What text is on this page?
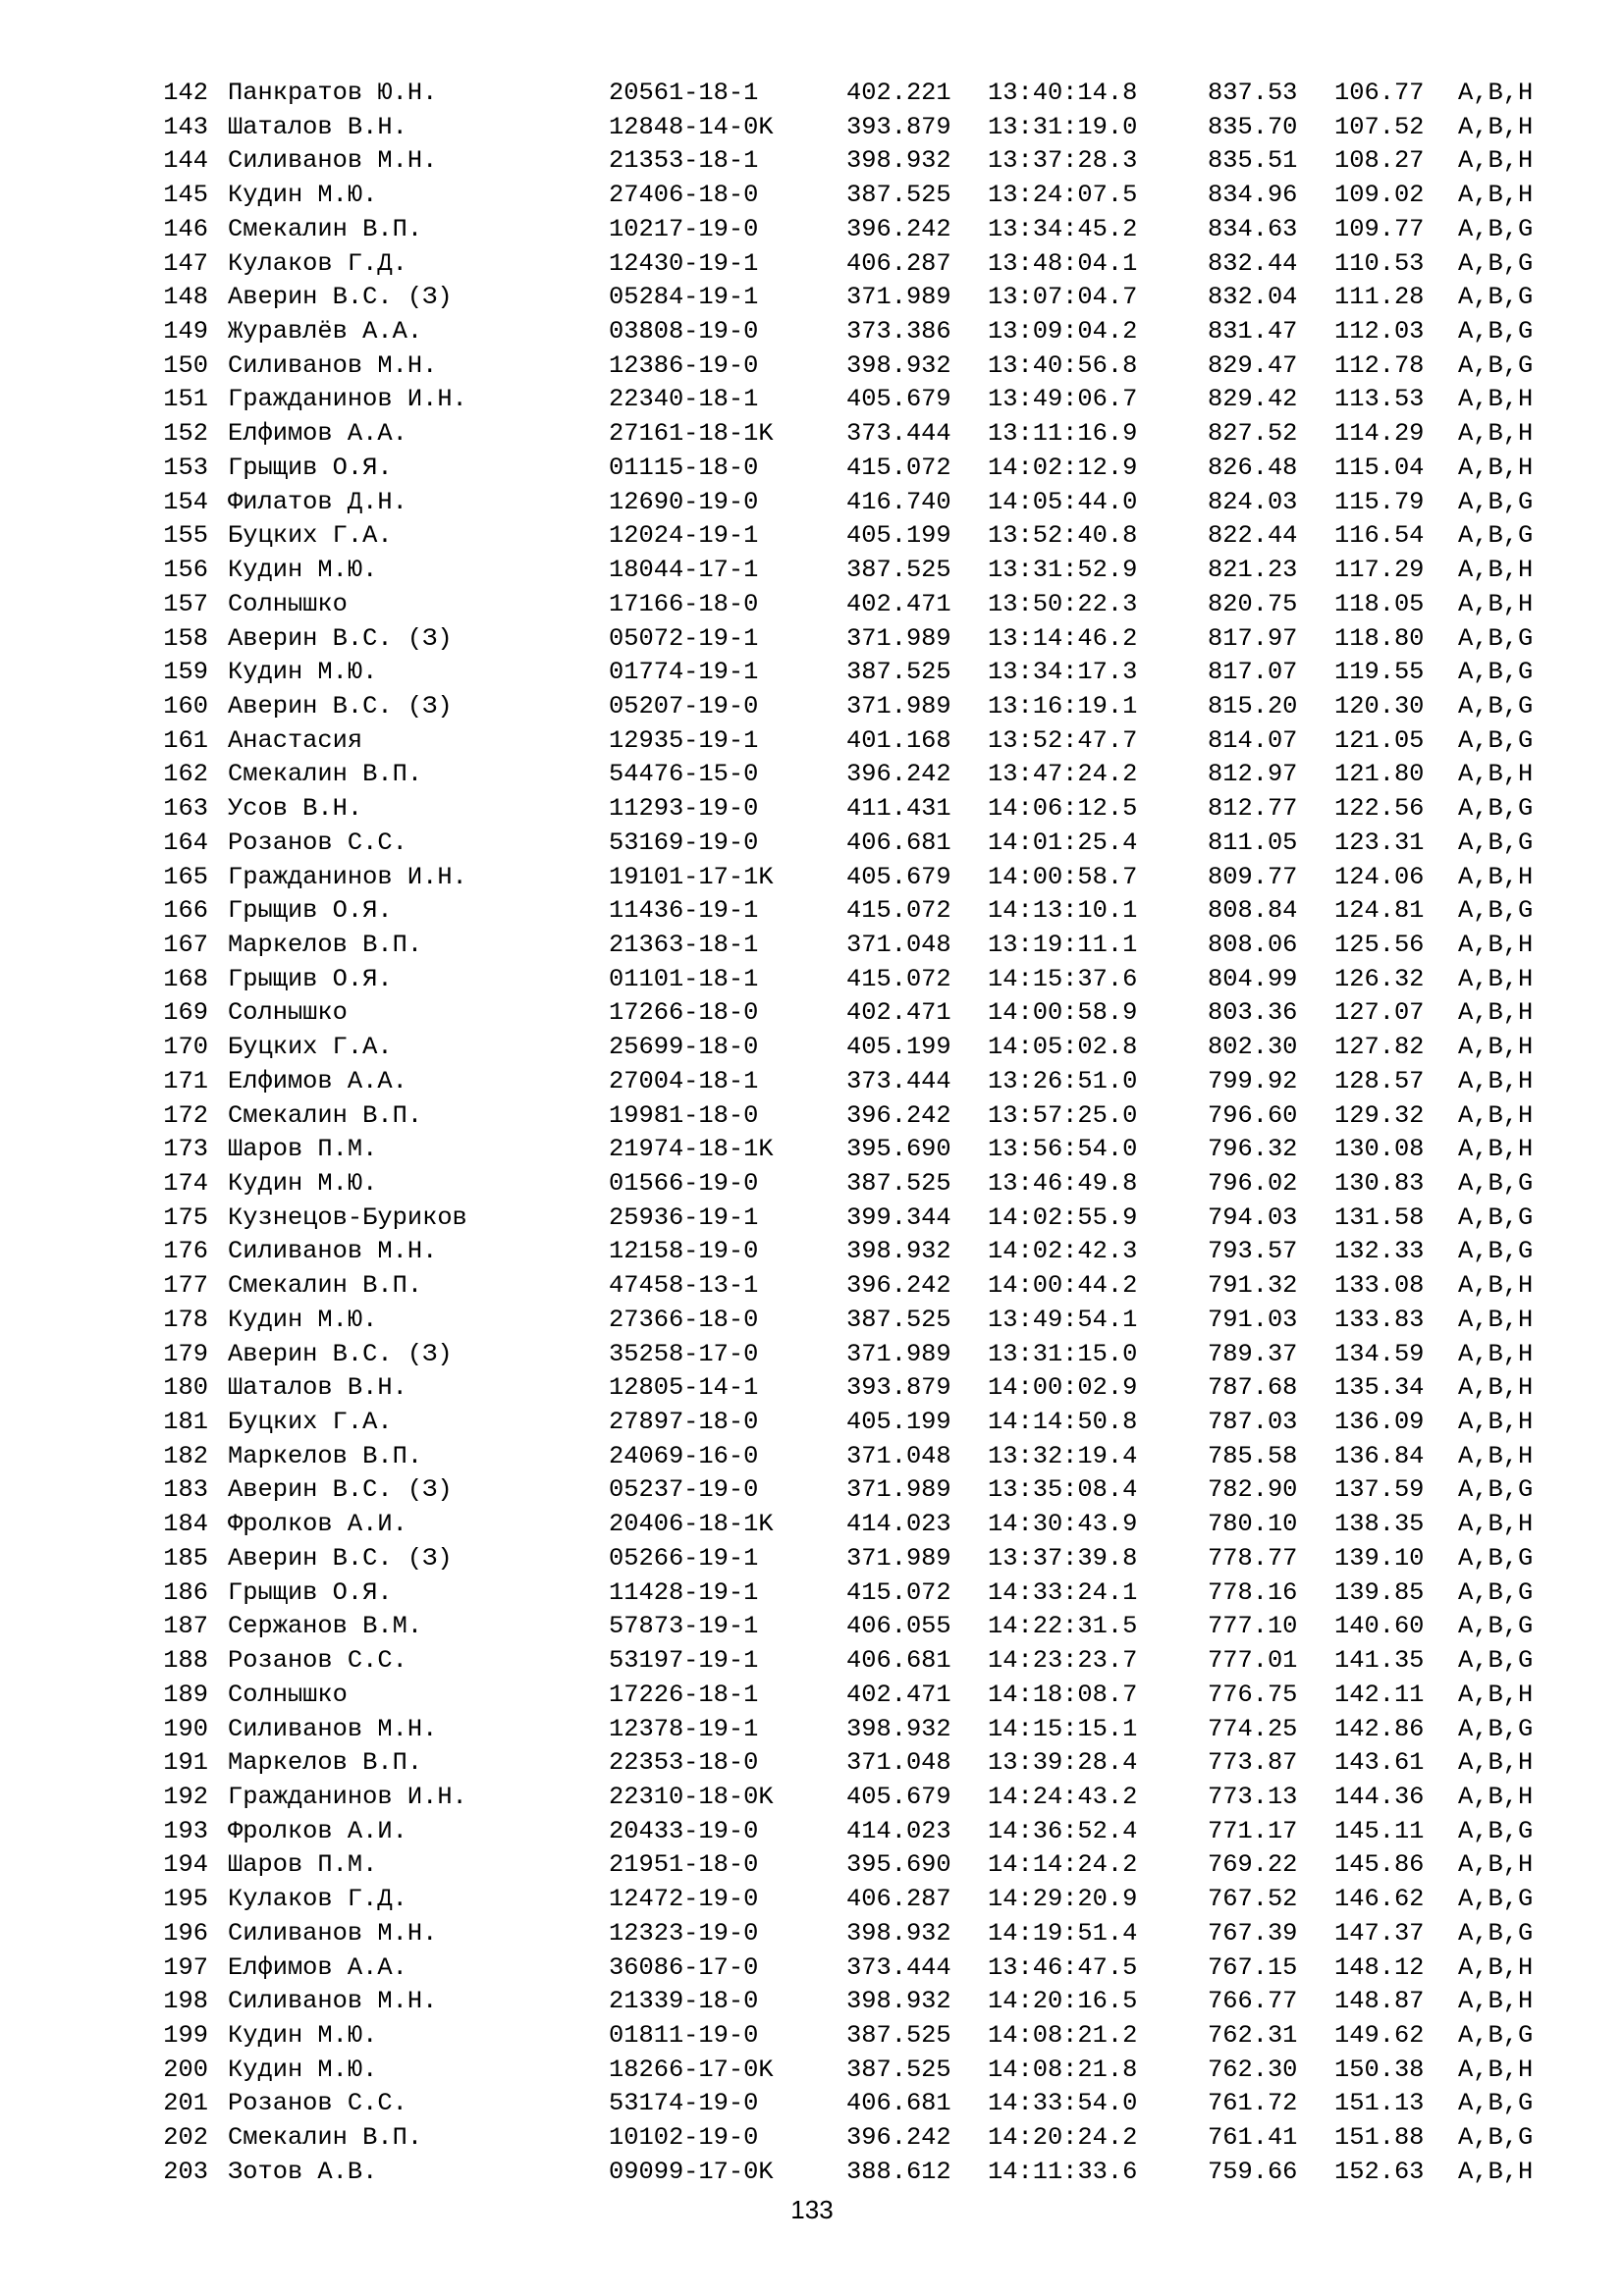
142 Панкратов Ю.Н.	20561-18-1	402.221 13:40:14.8	837.53 106.77 A,B,H
143 Шаталов В.Н.	12848-14-0K	393.879 13:31:19.0	835.70 107.52 A,B,H
144 Силиванов М.Н.	21353-18-1	398.932 13:37:28.3	835.51 108.27 A,B,H
145 Кудин М.Ю.	27406-18-0	387.525 13:24:07.5	834.96 109.02 A,B,H
146 Смекалин В.П.	10217-19-0	396.242 13:34:45.2	834.63 109.77 A,B,G
147 Кулаков Г.Д.	12430-19-1	406.287 13:48:04.1	832.44 110.53 A,B,G
148 Аверин В.С. (З)	05284-19-1	371.989 13:07:04.7	832.04 111.28 A,B,G
149 Журавлёв А.А.	03808-19-0	373.386 13:09:04.2	831.47 112.03 A,B,G
150 Силиванов М.Н.	12386-19-0	398.932 13:40:56.8	829.47 112.78 A,B,G
151 Гражданинов И.Н.	22340-18-1	405.679 13:49:06.7	829.42 113.53 A,B,H
152 Елфимов А.А.	27161-18-1K	373.444 13:11:16.9	827.52 114.29 A,B,H
153 Грыщив О.Я.	01115-18-0	415.072 14:02:12.9	826.48 115.04 A,B,H
154 Филатов Д.Н.	12690-19-0	416.740 14:05:44.0	824.03 115.79 A,B,G
155 Буцких Г.А.	12024-19-1	405.199 13:52:40.8	822.44 116.54 A,B,G
156 Кудин М.Ю.	18044-17-1	387.525 13:31:52.9	821.23 117.29 A,B,H
157 Солнышко	17166-18-0	402.471 13:50:22.3	820.75 118.05 A,B,H
158 Аверин В.С. (З)	05072-19-1	371.989 13:14:46.2	817.97 118.80 A,B,G
159 Кудин М.Ю.	01774-19-1	387.525 13:34:17.3	817.07 119.55 A,B,G
160 Аверин В.С. (З)	05207-19-0	371.989 13:16:19.1	815.20 120.30 A,B,G
161 Анастасия	12935-19-1	401.168 13:52:47.7	814.07 121.05 A,B,G
162 Смекалин В.П.	54476-15-0	396.242 13:47:24.2	812.97 121.80 A,B,H
163 Усов В.Н.	11293-19-0	411.431 14:06:12.5	812.77 122.56 A,B,G
164 Розанов С.С.	53169-19-0	406.681 14:01:25.4	811.05 123.31 A,B,G
165 Гражданинов И.Н.	19101-17-1K	405.679 14:00:58.7	809.77 124.06 A,B,H
166 Грыщив О.Я.	11436-19-1	415.072 14:13:10.1	808.84 124.81 A,B,G
167 Маркелов В.П.	21363-18-1	371.048 13:19:11.1	808.06 125.56 A,B,H
168 Грыщив О.Я.	01101-18-1	415.072 14:15:37.6	804.99 126.32 A,B,H
169 Солнышко	17266-18-0	402.471 14:00:58.9	803.36 127.07 A,B,H
170 Буцких Г.А.	25699-18-0	405.199 14:05:02.8	802.30 127.82 A,B,H
171 Елфимов А.А.	27004-18-1	373.444 13:26:51.0	799.92 128.57 A,B,H
172 Смекалин В.П.	19981-18-0	396.242 13:57:25.0	796.60 129.32 A,B,H
173 Шаров П.М.	21974-18-1K	395.690 13:56:54.0	796.32 130.08 A,B,H
174 Кудин М.Ю.	01566-19-0	387.525 13:46:49.8	796.02 130.83 A,B,G
175 Кузнецов-Буриков	25936-19-1	399.344 14:02:55.9	794.03 131.58 A,B,G
176 Силиванов М.Н.	12158-19-0	398.932 14:02:42.3	793.57 132.33 A,B,G
177 Смекалин В.П.	47458-13-1	396.242 14:00:44.2	791.32 133.08 A,B,H
178 Кудин М.Ю.	27366-18-0	387.525 13:49:54.1	791.03 133.83 A,B,H
179 Аверин В.С. (З)	35258-17-0	371.989 13:31:15.0	789.37 134.59 A,B,H
180 Шаталов В.Н.	12805-14-1	393.879 14:00:02.9	787.68 135.34 A,B,H
181 Буцких Г.А.	27897-18-0	405.199 14:14:50.8	787.03 136.09 A,B,H
182 Маркелов В.П.	24069-16-0	371.048 13:32:19.4	785.58 136.84 A,B,H
183 Аверин В.С. (З)	05237-19-0	371.989 13:35:08.4	782.90 137.59 A,B,G
184 Фролков А.И.	20406-18-1K	414.023 14:30:43.9	780.10 138.35 A,B,H
185 Аверин В.С. (З)	05266-19-1	371.989 13:37:39.8	778.77 139.10 A,B,G
186 Грыщив О.Я.	11428-19-1	415.072 14:33:24.1	778.16 139.85 A,B,G
187 Сержанов В.М.	57873-19-1	406.055 14:22:31.5	777.10 140.60 A,B,G
188 Розанов С.С.	53197-19-1	406.681 14:23:23.7	777.01 141.35 A,B,G
189 Солнышко	17226-18-1	402.471 14:18:08.7	776.75 142.11 A,B,H
190 Силиванов М.Н.	12378-19-1	398.932 14:15:15.1	774.25 142.86 A,B,G
191 Маркелов В.П.	22353-18-0	371.048 13:39:28.4	773.87 143.61 A,B,H
192 Гражданинов И.Н.	22310-18-0K	405.679 14:24:43.2	773.13 144.36 A,B,H
193 Фролков А.И.	20433-19-0	414.023 14:36:52.4	771.17 145.11 A,B,G
194 Шаров П.М.	21951-18-0	395.690 14:14:24.2	769.22 145.86 A,B,H
195 Кулаков Г.Д.	12472-19-0	406.287 14:29:20.9	767.52 146.62 A,B,G
196 Силиванов М.Н.	12323-19-0	398.932 14:19:51.4	767.39 147.37 A,B,G
197 Елфимов А.А.	36086-17-0	373.444 13:46:47.5	767.15 148.12 A,B,H
198 Силиванов М.Н.	21339-18-0	398.932 14:20:16.5	766.77 148.87 A,B,H
199 Кудин М.Ю.	01811-19-0	387.525 14:08:21.2	762.31 149.62 A,B,G
200 Кудин М.Ю.	18266-17-0K	387.525 14:08:21.8	762.30 150.38 A,B,H
201 Розанов С.С.	53174-19-0	406.681 14:33:54.0	761.72 151.13 A,B,G
202 Смекалин В.П.	10102-19-0	396.242 14:20:24.2	761.41 151.88 A,B,G
203 Зотов А.В.	09099-17-0K	388.612 14:11:33.6	759.66 152.63 A,B,H
133
